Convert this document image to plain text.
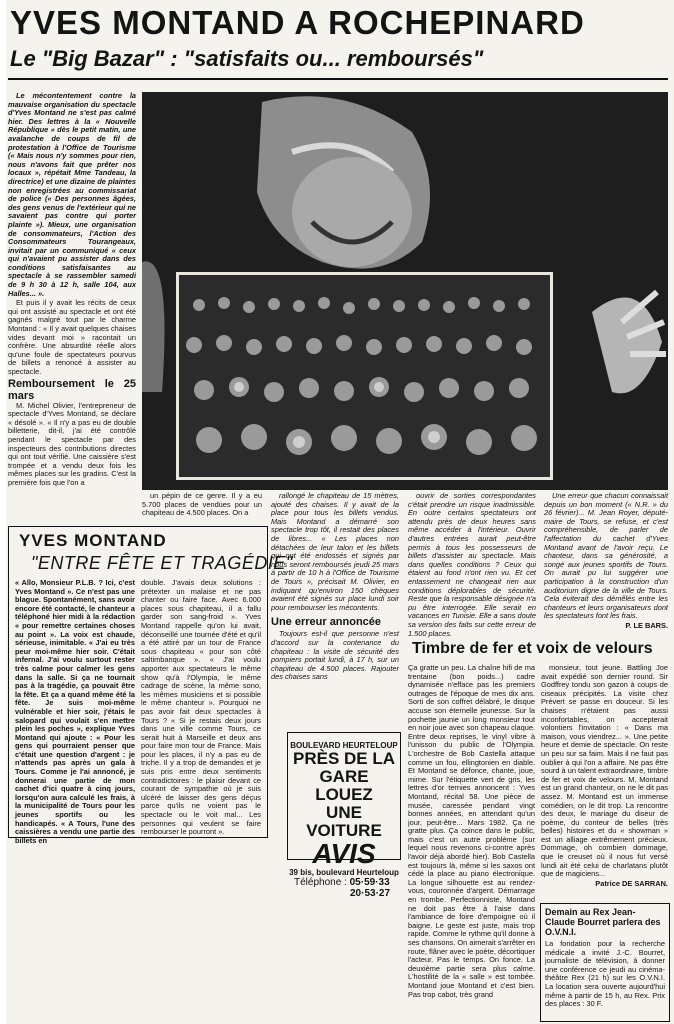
YVES MONTAND A ROCHEPINARD
Le "Big Bazar" : "satisfaits ou... remboursés"

Le mécontentement contre la mauvaise organisation du spectacle d'Yves Montand ne s'est pas calmé hier. Des lettres à la « Nouvelle République » dès le petit matin, une avalanche de coups de fil de protestation à l'Office de Tourisme (« Mais nous n'y sommes pour rien, nous n'avons fait que prêter nos locaux », répétait Mme Tandeau, la directrice) et une dizaine de plaintes non enregistrées au commissariat de police (« Des personnes âgées, des gens venus de l'extérieur qui ne savaient pas contre qui porter plainte »). Mieux, une organisation de consommateurs, l'Action des Consommateurs Tourangeaux, invitait par un communiqué « ceux qui n'avaient pu assister dans des conditions satisfaisantes au spectacle à se rassembler samedi de 9 h 30 à 12 h, salle 104, aux Halles... ».

Et puis il y avait les récits de ceux qui ont assisté au spectacle et ont été gagnés malgré tout par le charme Montand : « Il y avait quelques chaises vides devant moi » racontait un confrère. Une absurdité réelle alors qu'une foule de spectateurs pourvus de billets a renoncé à assister au spectacle.

Remboursement le 25 mars

M. Michel Olivier, l'entrepreneur de spectacle d'Yves Montand, se déclare « désolé ». « Il n'y a pas eu de double billetterie, dit-il, j'ai été contrôlé pendant le spectacle par des inspecteurs des contributions directes qui ont tout vérifié. Une caissière s'est trompée et a vendu deux fois les mêmes places sur les gradins. C'est la première fois que l'on a

un pépin de ce genre. Il y a eu 5.700 places de vendues pour un chapiteau de 4.500 places. On a

rallongé le chapiteau de 15 mètres, ajouté des chaises. Il y avait de la place pour tous les billets vendus. Mais Montand a démarré son spectacle trop tôt, il restait des places de libres... « Les places non détachées de leur talon et les billets qui ont été endossés et signés par nous seront remboursés jeudi 25 mars à partir de 10 h à l'Office de Tourisme de Tours », précisait M. Olivier, en indiquant qu'environ 150 chèques avaient été signés sur place lundi soir pour rembourser les mécontents.

Une erreur annoncée

Toujours est-il que personne n'est d'accord sur la contenance du chapiteau : la visite de sécurité des pompiers portait lundi, à 17 h, sur un chapiteau de 4.500 places. Rajouter des chaises sans

ouvrir de sorties correspondantes c'était prendre un risque inadmissible. En outre certains spectateurs ont attendu près de deux heures sans même accéder à l'intérieur. Ouvrir d'autres entrées aurait peut-être permis à tous les possesseurs de billets d'assister au spectacle. Mais dans quelles conditions ? Ceux qui étaient au fond n'ont rien vu. Et cet entassement ne changeait rien aux conditions déplorables de sécurité. Reste que la responsable désignée n'a pu être interrogée. Elle serait en vacances en Tunisie. Elle a sans doute sa version des faits sur cette erreur de 1.500 places.

Une erreur que chacun connaissait depuis un bon moment (« N.R. » du 26 février)... M. Jean Royer, député-maire de Tours, se refuse, et c'est compréhensible, de parler de l'affectation du cachet d'Yves Montand avant de l'avoir reçu. Le chanteur, dans sa générosité, a songé aux jeunes sportifs de Tours. On aurait pu lui suggérer une participation à la construction d'un auditorium digne de la ville de Tours. Cela éviterait des démêlés entre les chanteurs et leurs organisateurs dont les spectateurs font les frais.

P. LE BARS.
YVES MONTAND
"ENTRE FÊTE ET TRAGÉDIE"
« Allo, Monsieur P.L.B. ? Ici, c'est Yves Montand ». Ce n'est pas une blague. Spontanément, sans avoir encore été contacté, le chanteur a téléphoné hier midi à la rédaction « pour remettre certaines choses au point ». La voix est chaude, sérieuse, inimitable. « J'ai eu très peur moi-même hier soir. C'était infernal. J'ai voulu surtout rester très calme pour calmer les gens dans la salle. Si ça ne tournait pas à la tragédie, ça pouvait être la fête. Et ça a quand même été la fête. Je suis moi-même vulnérable et hier soir, j'étais le salopard qui voulait s'en mettre plein les poches », explique Yves Montand qui ajoute : « Pour les gens qui pourraient penser que c'était une question d'argent : je n'attends pas après un gala à Tours. Comme je l'ai annoncé, je donnerai une partie de mon cachet d'ici quatre à cinq jours, lorsqu'on aura calculé les frais, à la municipalité de Tours pour les jeunes sportifs ou les handicapés. « A Tours, l'une des caissières a vendu une partie des billets en
double. J'avais deux solutions : prétexter un malaise et ne pas chanter ou faire face. Avec 6.000 places sous chapiteau, il a fallu garder son sang-froid ». Yves Montand rappelle qu'on lui avait, déconseillé une tournée d'été et qu'il a été attiré par un tour de France sous chapiteau « pour son côté saltimbanque ». « J'ai voulu apporter aux spectateurs le même show qu'à l'Olympia, le même cadrage de scène, la même sono, les mêmes musiciens et si possible le même chanteur ». Pourquoi ne pas avoir fait deux spectacles à Tours ? « Si je restais deux jours dans une ville comme Tours, ce serait huit à Marseille et deux ans pour faire mon tour de France. Mais pour les places, il n'y a pas eu de triche. Il y a trop de demandes et je suis pris entre deux sentiments contradictoires : le plaisir devant ce courant de sympathie où je suis ulcéré de laisser des gens déçus parce qu'ils ne voient pas le spectacle ou le voit mal... Les personnes qui veulent se faire rembourser le pourront ».
BOULEVARD HEURTELOUP
PRÈS DE LA GARE
LOUEZ
UNE VOITURE
AVIS
39 bis, boulevard Heurteloup
Téléphone : 05·59·33
20·53·27
Timbre de fer et voix de velours
Ça gratte un peu. La chaîne hifi de ma trentaine (bon poids...) cadre dynamisée n'efface pas les premiers outrages de l'époque de mes dix ans. Sorti de son coffret délabré, le disque accuse son éternelle jeunesse. Sur la pochette jaunie un long monsieur tout en noir joue avec son chapeau claque. Entre deux reprises, le vinyl vibre à l'unisson du public de l'Olympia. L'orchestre de Bob Castella attaque comme un fou, ellingtonien en diable. Et Montand se défonce, chante, joue, mime. Sur l'étiquette vert de gris, les lettres d'or ternies annoncent : Yves Montand, récital 58. Une pièce de musée, caressée pendant vingt bonnes années, en attendant qu'un jour, peut-être... Mars 1982. Ça ne gratte plus. Ça coince dans le public, mais c'est un autre problème (sur lequel nous revenons ci-contre après l'avoir déjà abordé hier). Bob Castella est toujours là, même si les saxos ont cédé la place au piano électronique. La longue silhouette est au rendez-vous, couronnée d'argent. Démarrage en trombe. Perfectionniste, Montand ne doit pas être à l'aise dans l'ambiance de foire d'empoigne où il baigne. Le geste est juste, mais trop rapide. Comme le rythme qu'il donne à ses chansons. On aimerait s'arrêter en route, flâner avec le poète, décortiquer l'acteur. Pas le temps. On fonce. La deuxième partie sera plus calme. L'hostilité de la « salle » est tombée. Montand joue Montand et c'est bien. Pas trop cabot, très grand

monsieur, tout jeune. Battling Joe avait expédié son dernier round. Sir Godffrey tondu son gazon à coups de ciseaux précipités. La visite chez Prévert se passe en douceur. Si les chaises n'étaient pas aussi inconfortables, on accepterait volontiers l'invitation : « Dans ma maison, vous viendrez... ». Une petite heure et demie de spectacle. On reste un peu sur sa faim. Mais il ne faut pas oublier à qui l'on a affaire. Ne pas être sourd à un talent extraordinaire, timbre de fer et voix de velours. M. Montand est un grand chanteur, on ne le dit pas assez. M. Montand est un immense comédien, on le dit trop. La rencontre des deux, le mariage du diseur de poème, du conteur de belles (très belles) histoires et du « showman » est un alliage extrêmement précieux. Dommage, oh combien dommage, que le creuset où il nous fut versé lundi ait été celui de charlatans plutôt que de magiciens...

Patrice DE SARRAN.
Demain au Rex Jean-Claude Bourret parlera des O.V.N.I.
La fondation pour la recherche médicale a invité J.-C. Bourret, journaliste de télévision, à donner une conférence ce jeudi au cinéma-théâtre Rex (21 h) sur les O.V.N.I. La location sera ouverte aujourd'hui même à partir de 15 h, au Rex. Prix des places : 30 F.
